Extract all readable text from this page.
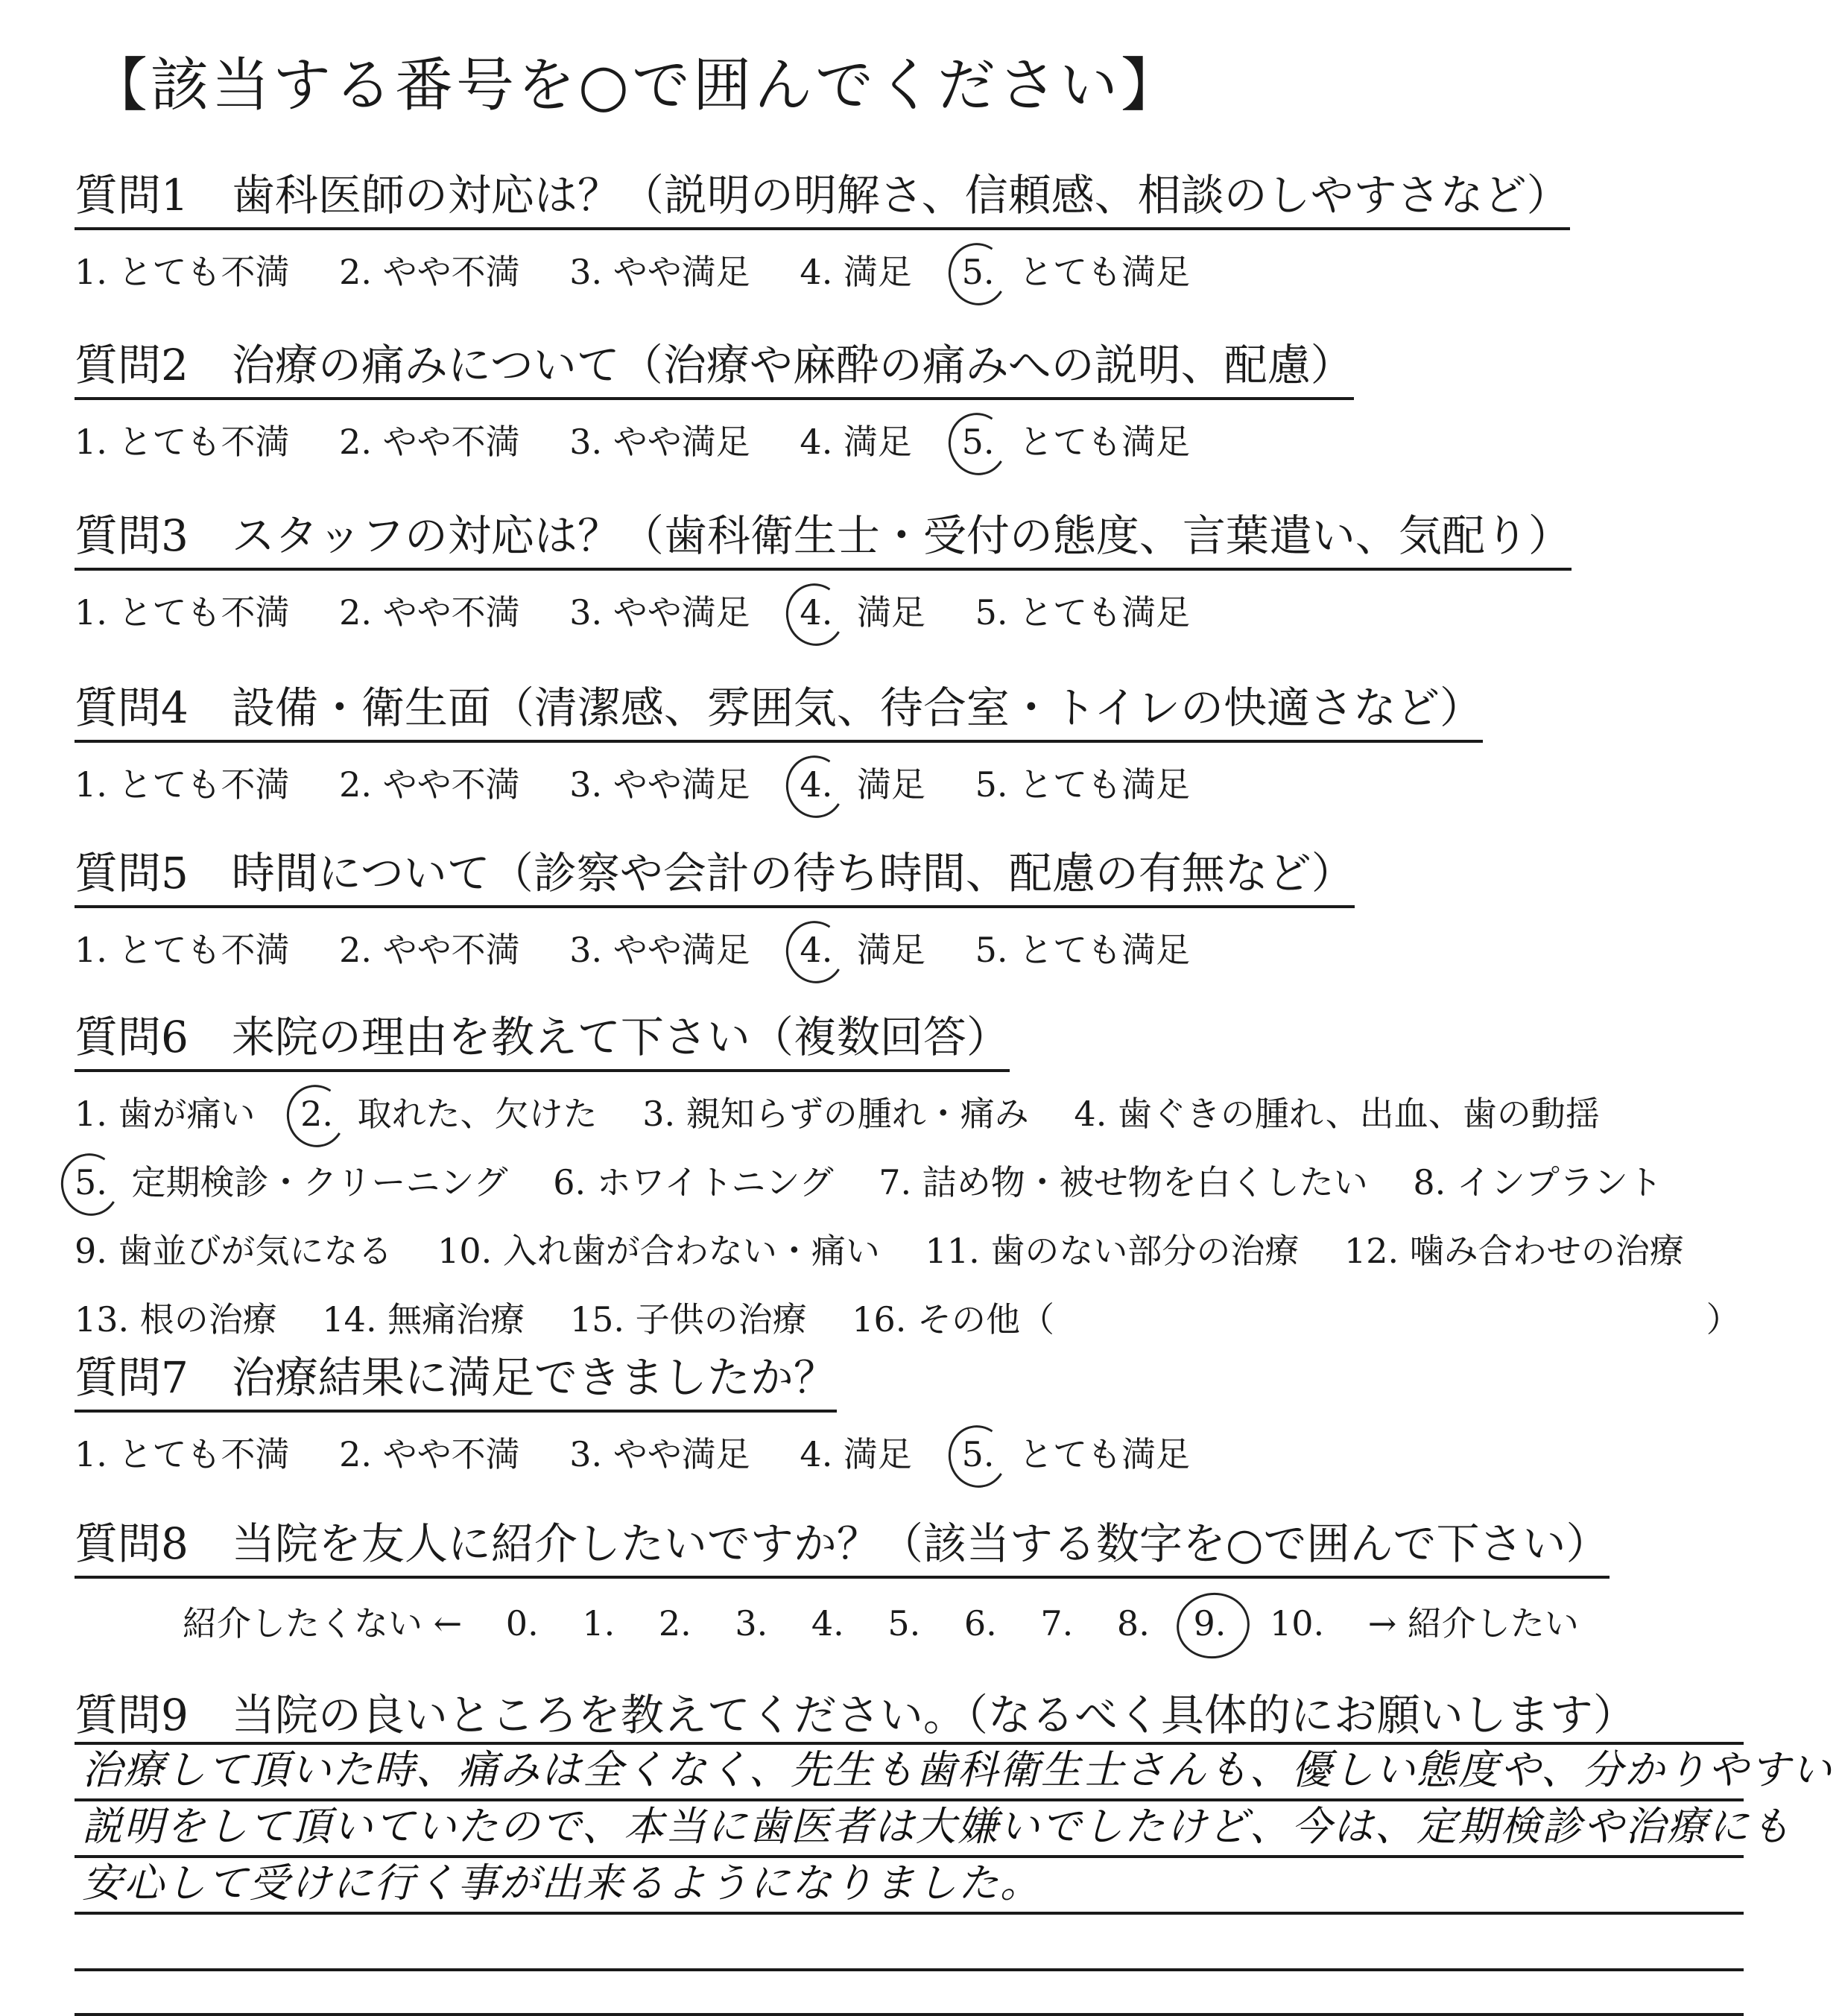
【該当する番号を○で囲んでください】
質問1　歯科医師の対応は？（説明の明解さ、信頼感、相談のしやすさなど）
1. とても不満 2. やや不満 3. やや満足 4. 満足 5. とても満足
質問2　治療の痛みについて（治療や麻酔の痛みへの説明、配慮）
1. とても不満 2. やや不満 3. やや満足 4. 満足 5. とても満足
質問3　スタッフの対応は？（歯科衛生士・受付の態度、言葉遣い、気配り）
1. とても不満 2. やや不満 3. やや満足 4. 満足 5. とても満足
質問4　設備・衛生面（清潔感、雰囲気、待合室・トイレの快適さなど）
1. とても不満 2. やや不満 3. やや満足 4. 満足 5. とても満足
質問5　時間について（診察や会計の待ち時間、配慮の有無など）
1. とても不満 2. やや不満 3. やや満足 4. 満足 5. とても満足
質問6　来院の理由を教えて下さい（複数回答）
1. 歯が痛い 2. 取れた、欠けた 3. 親知らずの腫れ・痛み 4. 歯ぐきの腫れ、出血、歯の動揺
5. 定期検診・クリーニング 6. ホワイトニング 7. 詰め物・被せ物を白くしたい 8. インプラント
9. 歯並びが気になる 10. 入れ歯が合わない・痛い 11. 歯のない部分の治療 12. 噛み合わせの治療
13. 根の治療 14. 無痛治療 15. 子供の治療 16. その他（	）
質問7　治療結果に満足できましたか？
1. とても不満 2. やや不満 3. やや満足 4. 満足 5. とても満足
質問8　当院を友人に紹介したいですか？（該当する数字を○で囲んで下さい）
紹介したくない ← 0. 1. 2. 3. 4. 5. 6. 7. 8. 9. 10. → 紹介したい
質問9　当院の良いところを教えてください。（なるべく具体的にお願いします）
治療して頂いた時、痛みは全くなく、先生も歯科衛生士さんも、優しい態度や、分かりやすい
説明をして頂いていたので、本当に歯医者は大嫌いでしたけど、今は、定期検診や治療にも
安心して受けに行く事が出来るようになりました。
